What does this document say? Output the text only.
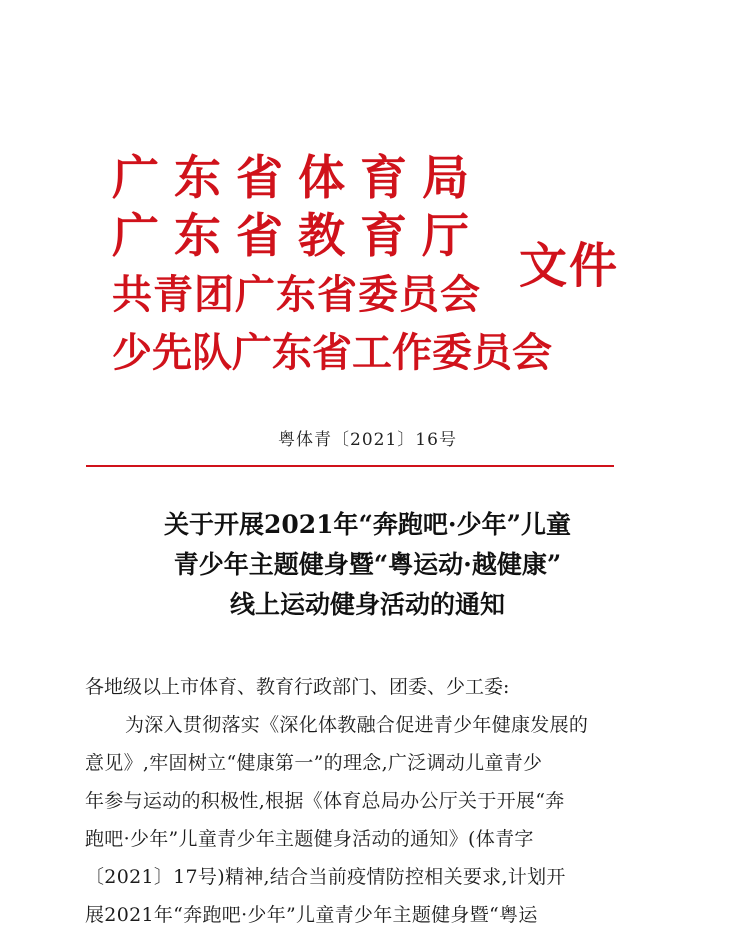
广东省体育局
广东省教育厅
共青团广东省委员会
少先队广东省工作委员会
文件
粤体青〔2021〕16号
关于开展2021年“奔跑吧·少年”儿童
青少年主题健身暨“粤运动·越健康”
线上运动健身活动的通知
各地级以上市体育、教育行政部门、团委、少工委:
为深入贯彻落实《深化体教融合促进青少年健康发展的
意见》,牢固树立“健康第一”的理念,广泛调动儿童青少
年参与运动的积极性,根据《体育总局办公厅关于开展“奔
跑吧·少年”儿童青少年主题健身活动的通知》(体青字
〔2021〕17号)精神,结合当前疫情防控相关要求,计划开
展2021年“奔跑吧·少年”儿童青少年主题健身暨“粤运
